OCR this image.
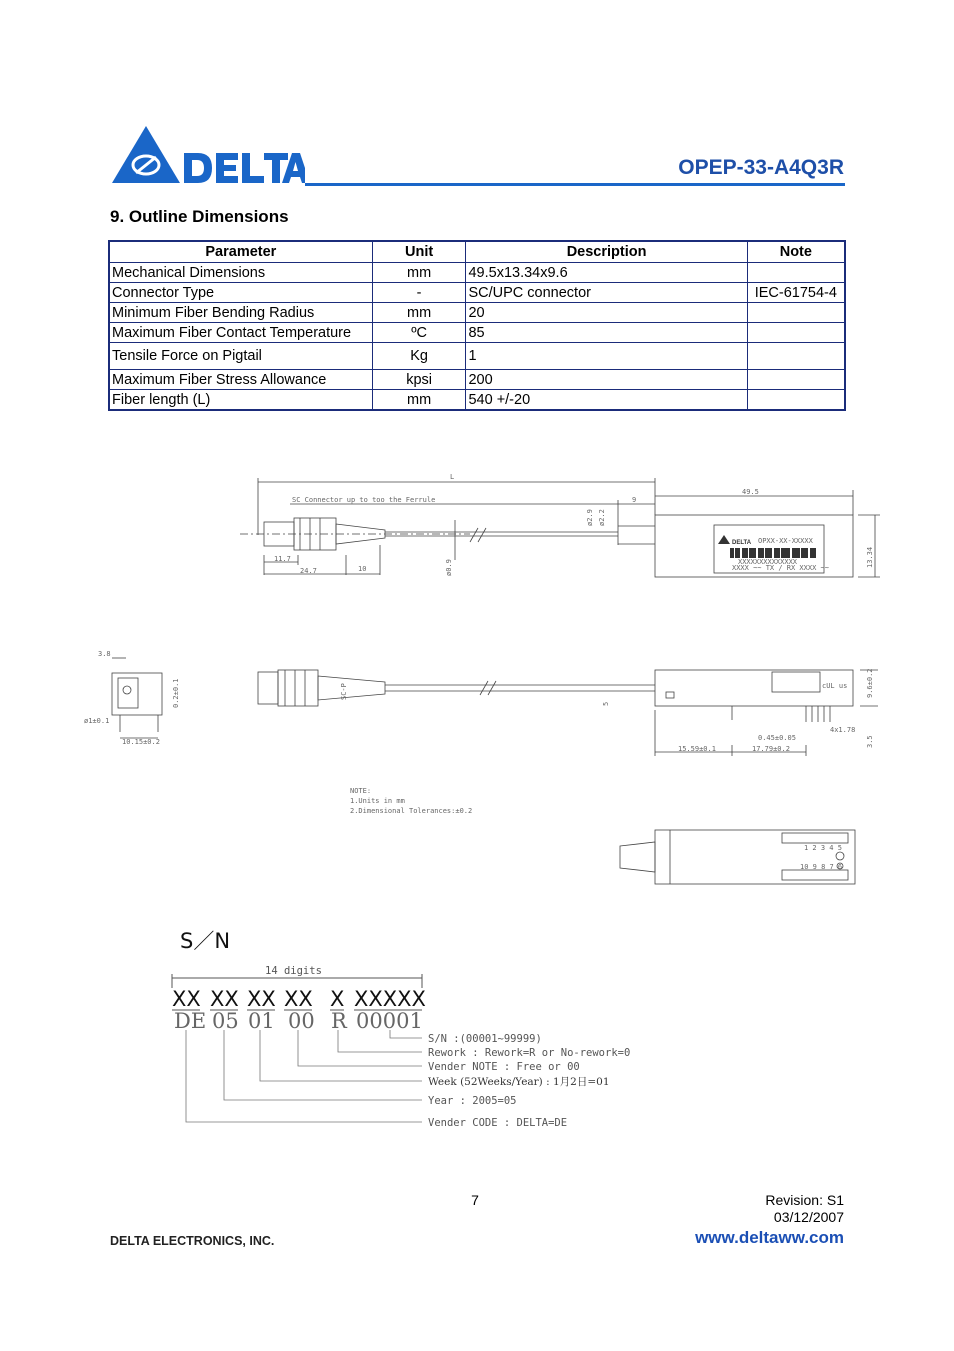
OPEP-33-A4Q3R
9. Outline Dimensions
Parameter	Unit	Description	Note
Mechanical Dimensions	mm	49.5x13.34x9.6	
Connector Type	-	SC/UPC connector	IEC-61754-4
Minimum Fiber Bending Radius	mm	20	
Maximum Fiber Contact Temperature	ºC	85	
Tensile Force on Pigtail	Kg	1	
Maximum Fiber Stress Allowance	kpsi	200	
Fiber length (L)	mm	540 +/-20	
L
SC Connector up to too the Ferrule	9
ø0.9
ø2.9 ø2.2
11.7
24.7	10
49.5
13.34
DELTA OPXX-XX-XXXXX
XXXXXXXXXXXXXX
XXXX ~~ TX / RX XXXX ~~
3.8
0.2±0.1
ø1±0.1
10.15±0.2
SC-P
5
cUL us
0.45±0.05
4x1.78
15.59±0.1	17.79±0.2
9.6±0.2
3.5
NOTE:
1.Units in mm
2.Dimensional Tolerances:±0.2
1 2 3 4 5
10 9 8 7 6
S／N
14 digits
XX XX XX XX X XXXXX
DE 05 01 00 R 00001
S/N :(00001~99999)
Rework : Rework=R or No-rework=0
Vender NOTE : Free or 00
Week (52Weeks/Year) : 1月2日=01
Year : 2005=05
Vender CODE : DELTA=DE
7	Revision: S1
03/12/2007
DELTA ELECTRONICS, INC.	www.deltaww.com
